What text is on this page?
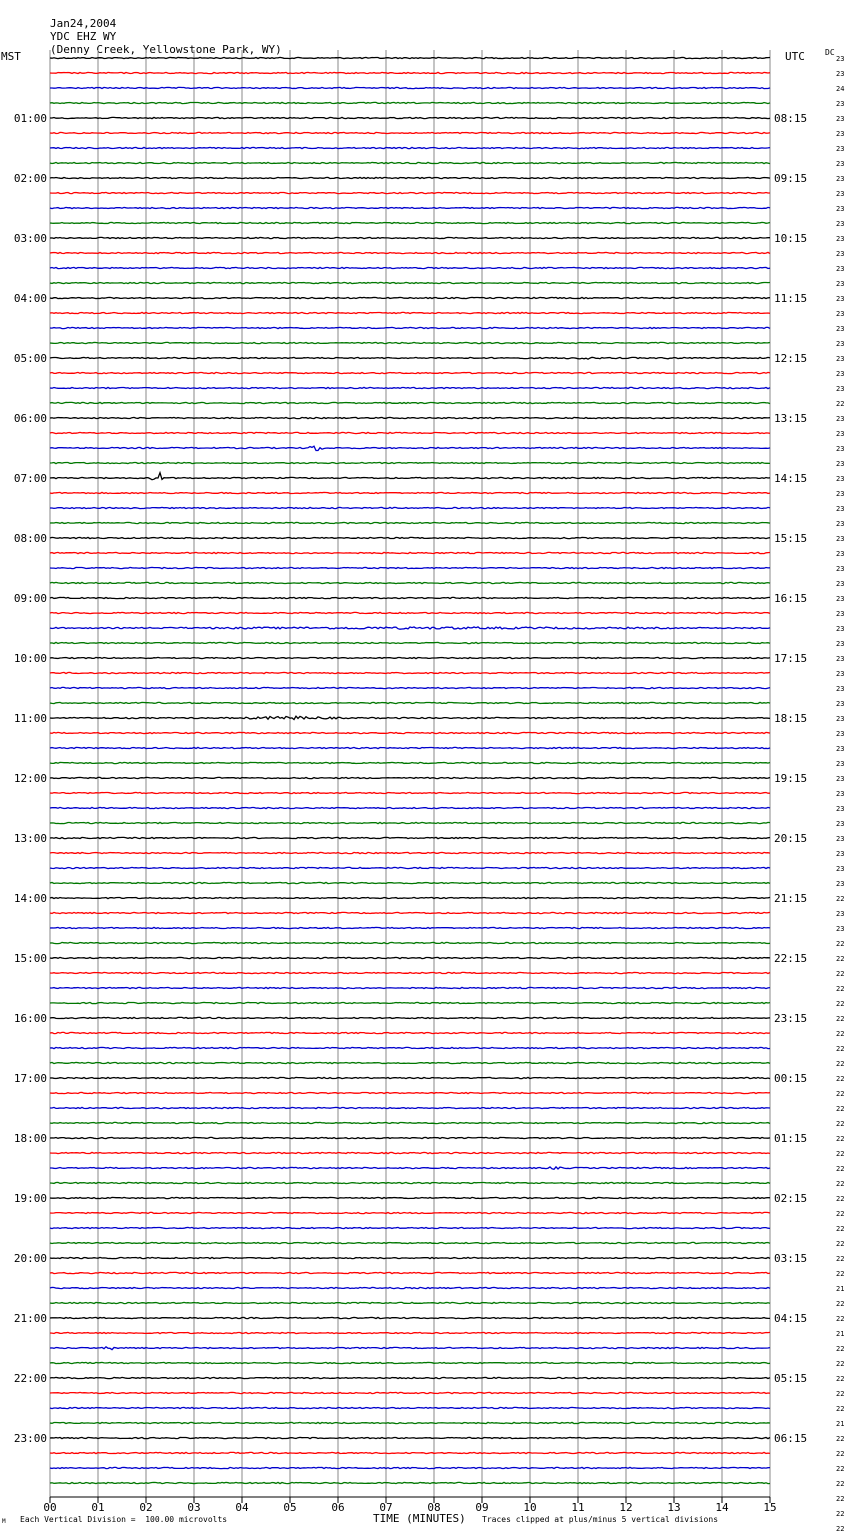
Jan24,2004
YDC EHZ WY
(Denny Creek, Yellowstone Park, WY)

MST	UTC	DC
00	01	02	03	04	05	06	07	08	09	10	11	12	13	14	15
01:00
02:00
03:00
04:00
05:00
06:00
07:00
08:00
09:00
10:00
11:00
12:00
13:00
14:00
15:00
16:00
17:00
18:00
19:00
20:00
21:00
22:00
23:00
08:15
09:15
10:15
11:15
12:15
13:15
14:15
15:15
16:15
17:15
18:15
19:15
20:15
21:15
22:15
23:15
00:15
01:15
02:15
03:15
04:15
05:15
06:15
23
23
24
23
23
23
23
23
23
23
23
23
23
23
23
23
23
23
23
23
23
23
23
22
23
23
23
23
23
23
23
23
23
23
23
23
23
23
23
23
23
23
23
23
23
23
23
23
23
23
23
23
23
23
23
23
22
23
23
22
22
22
22
22
22
22
22
22
22
22
22
22
22
22
22
22
22
22
22
22
22
22
21
22
22
21
22
22
22
22
22
21
22
22
22
22
22
22
22
M Each Vertical Division =  100.00 microvolts	TIME (MINUTES) Traces clipped at plus/minus 5 vertical divisions
